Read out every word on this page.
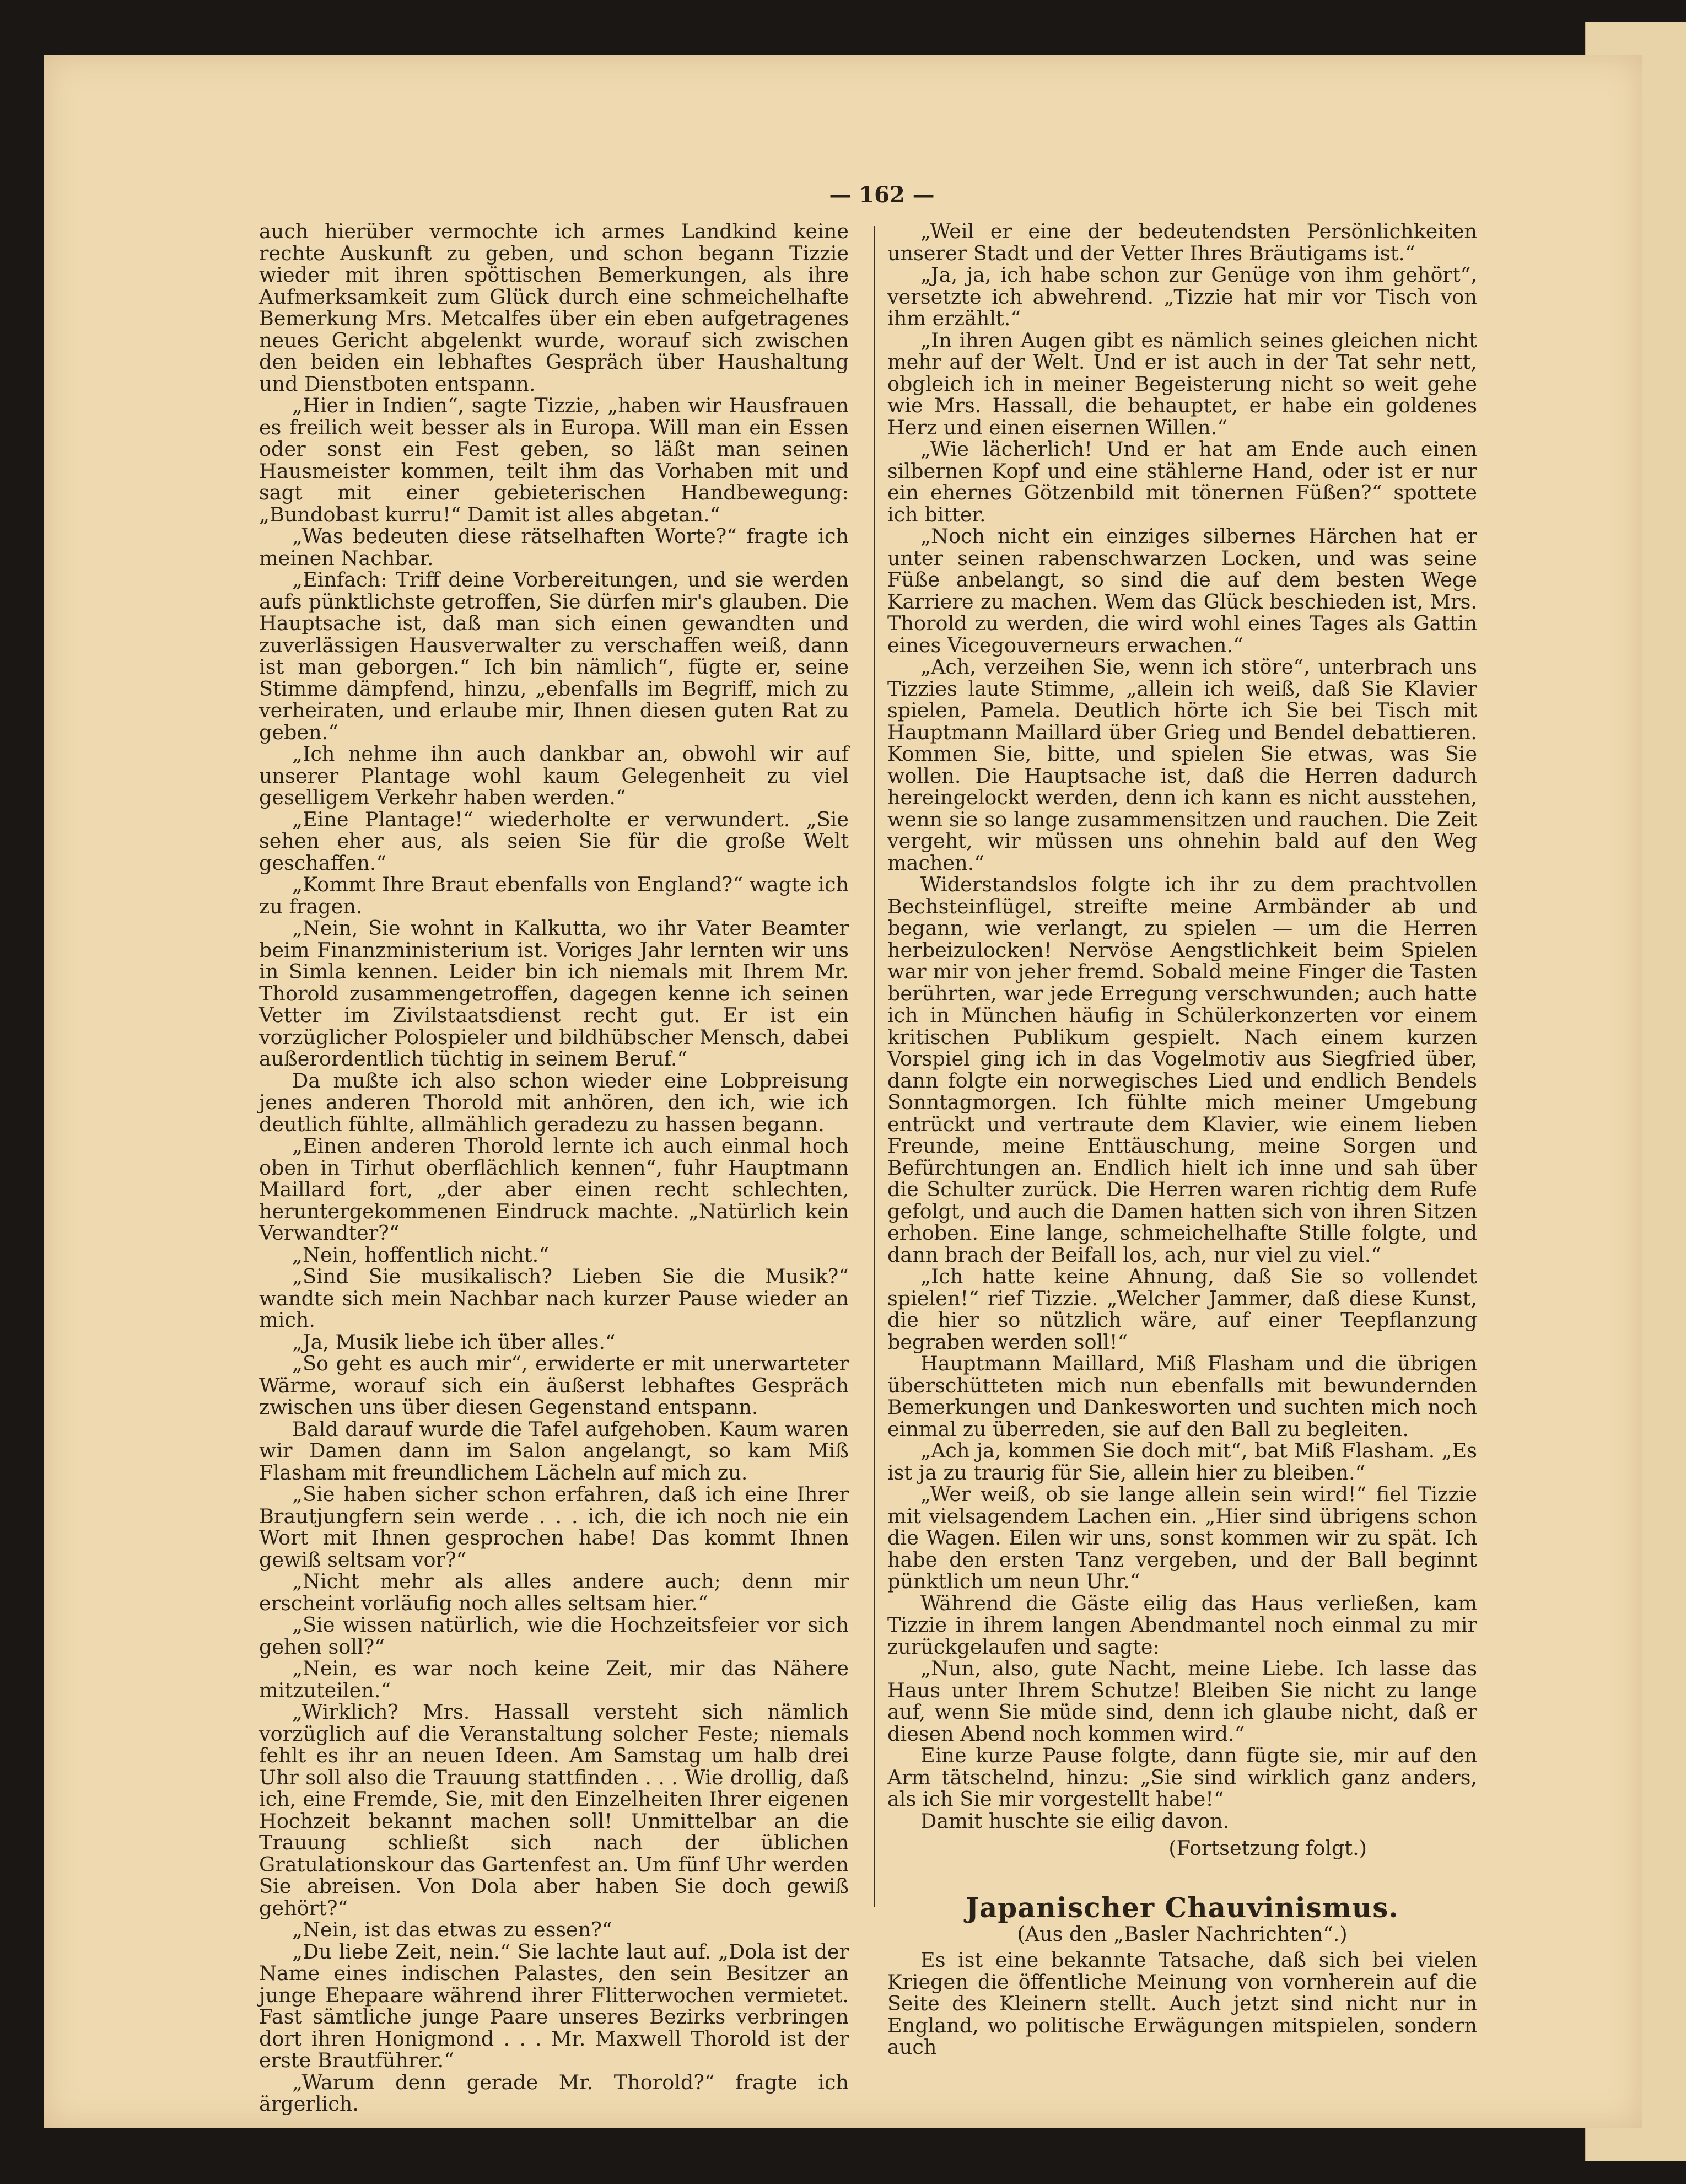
— 162 —

auch hierüber vermochte ich armes Landkind keine rechte Auskunft zu geben, und schon begann Tizzie wieder mit ihren spöttischen Bemerkungen, als ihre Aufmerksamkeit zum Glück durch eine schmeichelhafte Bemerkung Mrs. Metcalfes über ein eben aufgetragenes neues Gericht abgelenkt wurde, worauf sich zwischen den beiden ein lebhaftes Gespräch über Haushaltung und Dienstboten entspann.

„Hier in Indien“, sagte Tizzie, „haben wir Hausfrauen es freilich weit besser als in Europa. Will man ein Essen oder sonst ein Fest geben, so läßt man seinen Hausmeister kommen, teilt ihm das Vorhaben mit und sagt mit einer gebieterischen Handbewegung: „Bundobast kurru!“ Damit ist alles abgetan.“

„Was bedeuten diese rätselhaften Worte?“ fragte ich meinen Nachbar.

„Einfach: Triff deine Vorbereitungen, und sie werden aufs pünktlichste getroffen, Sie dürfen mir's glauben. Die Hauptsache ist, daß man sich einen gewandten und zuverlässigen Hausverwalter zu verschaffen weiß, dann ist man geborgen.“ Ich bin nämlich“, fügte er, seine Stimme dämpfend, hinzu, „ebenfalls im Begriff, mich zu verheiraten, und erlaube mir, Ihnen diesen guten Rat zu geben.“

„Ich nehme ihn auch dankbar an, obwohl wir auf unserer Plantage wohl kaum Gelegenheit zu viel geselligem Verkehr haben werden.“

„Eine Plantage!“ wiederholte er verwundert. „Sie sehen eher aus, als seien Sie für die große Welt geschaffen.“

„Kommt Ihre Braut ebenfalls von England?“ wagte ich zu fragen.

„Nein, Sie wohnt in Kalkutta, wo ihr Vater Beamter beim Finanzministerium ist. Voriges Jahr lernten wir uns in Simla kennen. Leider bin ich niemals mit Ihrem Mr. Thorold zusammengetroffen, dagegen kenne ich seinen Vetter im Zivilstaatsdienst recht gut. Er ist ein vorzüglicher Polospieler und bildhübscher Mensch, dabei außerordentlich tüchtig in seinem Beruf.“

Da mußte ich also schon wieder eine Lobpreisung jenes anderen Thorold mit anhören, den ich, wie ich deutlich fühlte, allmählich geradezu zu hassen begann.

„Einen anderen Thorold lernte ich auch einmal hoch oben in Tirhut oberflächlich kennen“, fuhr Hauptmann Maillard fort, „der aber einen recht schlechten, heruntergekommenen Eindruck machte. „Natürlich kein Verwandter?“

„Nein, hoffentlich nicht.“

„Sind Sie musikalisch? Lieben Sie die Musik?“ wandte sich mein Nachbar nach kurzer Pause wieder an mich.

„Ja, Musik liebe ich über alles.“

„So geht es auch mir“, erwiderte er mit unerwarteter Wärme, worauf sich ein äußerst lebhaftes Gespräch zwischen uns über diesen Gegenstand entspann.

Bald darauf wurde die Tafel aufgehoben. Kaum waren wir Damen dann im Salon angelangt, so kam Miß Flasham mit freundlichem Lächeln auf mich zu.

„Sie haben sicher schon erfahren, daß ich eine Ihrer Brautjungfern sein werde . . . ich, die ich noch nie ein Wort mit Ihnen gesprochen habe! Das kommt Ihnen gewiß seltsam vor?“

„Nicht mehr als alles andere auch; denn mir erscheint vorläufig noch alles seltsam hier.“

„Sie wissen natürlich, wie die Hochzeitsfeier vor sich gehen soll?“

„Nein, es war noch keine Zeit, mir das Nähere mitzuteilen.“

„Wirklich? Mrs. Hassall versteht sich nämlich vorzüglich auf die Veranstaltung solcher Feste; niemals fehlt es ihr an neuen Ideen. Am Samstag um halb drei Uhr soll also die Trauung stattfinden . . . Wie drollig, daß ich, eine Fremde, Sie, mit den Einzelheiten Ihrer eigenen Hochzeit bekannt machen soll! Unmittelbar an die Trauung schließt sich nach der üblichen Gratulationskour das Gartenfest an. Um fünf Uhr werden Sie abreisen. Von Dola aber haben Sie doch gewiß gehört?“

„Nein, ist das etwas zu essen?“

„Du liebe Zeit, nein.“ Sie lachte laut auf. „Dola ist der Name eines indischen Palastes, den sein Besitzer an junge Ehepaare während ihrer Flitterwochen vermietet. Fast sämtliche junge Paare unseres Bezirks verbringen dort ihren Honigmond . . . Mr. Maxwell Thorold ist der erste Brautführer.“

„Warum denn gerade Mr. Thorold?“ fragte ich ärgerlich.

„Weil er eine der bedeutendsten Persönlichkeiten unserer Stadt und der Vetter Ihres Bräutigams ist.“

„Ja, ja, ich habe schon zur Genüge von ihm gehört“, versetzte ich abwehrend. „Tizzie hat mir vor Tisch von ihm erzählt.“

„In ihren Augen gibt es nämlich seines gleichen nicht mehr auf der Welt. Und er ist auch in der Tat sehr nett, obgleich ich in meiner Begeisterung nicht so weit gehe wie Mrs. Hassall, die behauptet, er habe ein goldenes Herz und einen eisernen Willen.“

„Wie lächerlich! Und er hat am Ende auch einen silbernen Kopf und eine stählerne Hand, oder ist er nur ein ehernes Götzenbild mit tönernen Füßen?“ spottete ich bitter.

„Noch nicht ein einziges silbernes Härchen hat er unter seinen rabenschwarzen Locken, und was seine Füße anbelangt, so sind die auf dem besten Wege Karriere zu machen. Wem das Glück beschieden ist, Mrs. Thorold zu werden, die wird wohl eines Tages als Gattin eines Vicegouverneurs erwachen.“

„Ach, verzeihen Sie, wenn ich störe“, unterbrach uns Tizzies laute Stimme, „allein ich weiß, daß Sie Klavier spielen, Pamela. Deutlich hörte ich Sie bei Tisch mit Hauptmann Maillard über Grieg und Bendel debattieren. Kommen Sie, bitte, und spielen Sie etwas, was Sie wollen. Die Hauptsache ist, daß die Herren dadurch hereingelockt werden, denn ich kann es nicht ausstehen, wenn sie so lange zusammensitzen und rauchen. Die Zeit vergeht, wir müssen uns ohnehin bald auf den Weg machen.“

Widerstandslos folgte ich ihr zu dem prachtvollen Bechsteinflügel, streifte meine Armbänder ab und begann, wie verlangt, zu spielen — um die Herren herbeizulocken! Nervöse Aengstlichkeit beim Spielen war mir von jeher fremd. Sobald meine Finger die Tasten berührten, war jede Erregung verschwunden; auch hatte ich in München häufig in Schülerkonzerten vor einem kritischen Publikum gespielt. Nach einem kurzen Vorspiel ging ich in das Vogelmotiv aus Siegfried über, dann folgte ein norwegisches Lied und endlich Bendels Sonntagmorgen. Ich fühlte mich meiner Umgebung entrückt und vertraute dem Klavier, wie einem lieben Freunde, meine Enttäuschung, meine Sorgen und Befürchtungen an. Endlich hielt ich inne und sah über die Schulter zurück. Die Herren waren richtig dem Rufe gefolgt, und auch die Damen hatten sich von ihren Sitzen erhoben. Eine lange, schmeichelhafte Stille folgte, und dann brach der Beifall los, ach, nur viel zu viel.“

„Ich hatte keine Ahnung, daß Sie so vollendet spielen!“ rief Tizzie. „Welcher Jammer, daß diese Kunst, die hier so nützlich wäre, auf einer Teepflanzung begraben werden soll!“

Hauptmann Maillard, Miß Flasham und die übrigen überschütteten mich nun ebenfalls mit bewundernden Bemerkungen und Dankesworten und suchten mich noch einmal zu überreden, sie auf den Ball zu begleiten.

„Ach ja, kommen Sie doch mit“, bat Miß Flasham. „Es ist ja zu traurig für Sie, allein hier zu bleiben.“

„Wer weiß, ob sie lange allein sein wird!“ fiel Tizzie mit vielsagendem Lachen ein. „Hier sind übrigens schon die Wagen. Eilen wir uns, sonst kommen wir zu spät. Ich habe den ersten Tanz vergeben, und der Ball beginnt pünktlich um neun Uhr.“

Während die Gäste eilig das Haus verließen, kam Tizzie in ihrem langen Abendmantel noch einmal zu mir zurückgelaufen und sagte:

„Nun, also, gute Nacht, meine Liebe. Ich lasse das Haus unter Ihrem Schutze! Bleiben Sie nicht zu lange auf, wenn Sie müde sind, denn ich glaube nicht, daß er diesen Abend noch kommen wird.“

Eine kurze Pause folgte, dann fügte sie, mir auf den Arm tätschelnd, hinzu: „Sie sind wirklich ganz anders, als ich Sie mir vorgestellt habe!“

Damit huschte sie eilig davon.

(Fortsetzung folgt.)

Japanischer Chauvinismus.

(Aus den „Basler Nachrichten“.)

Es ist eine bekannte Tatsache, daß sich bei vielen Kriegen die öffentliche Meinung von vornherein auf die Seite des Kleinern stellt. Auch jetzt sind nicht nur in England, wo politische Erwägungen mitspielen, sondern auch
